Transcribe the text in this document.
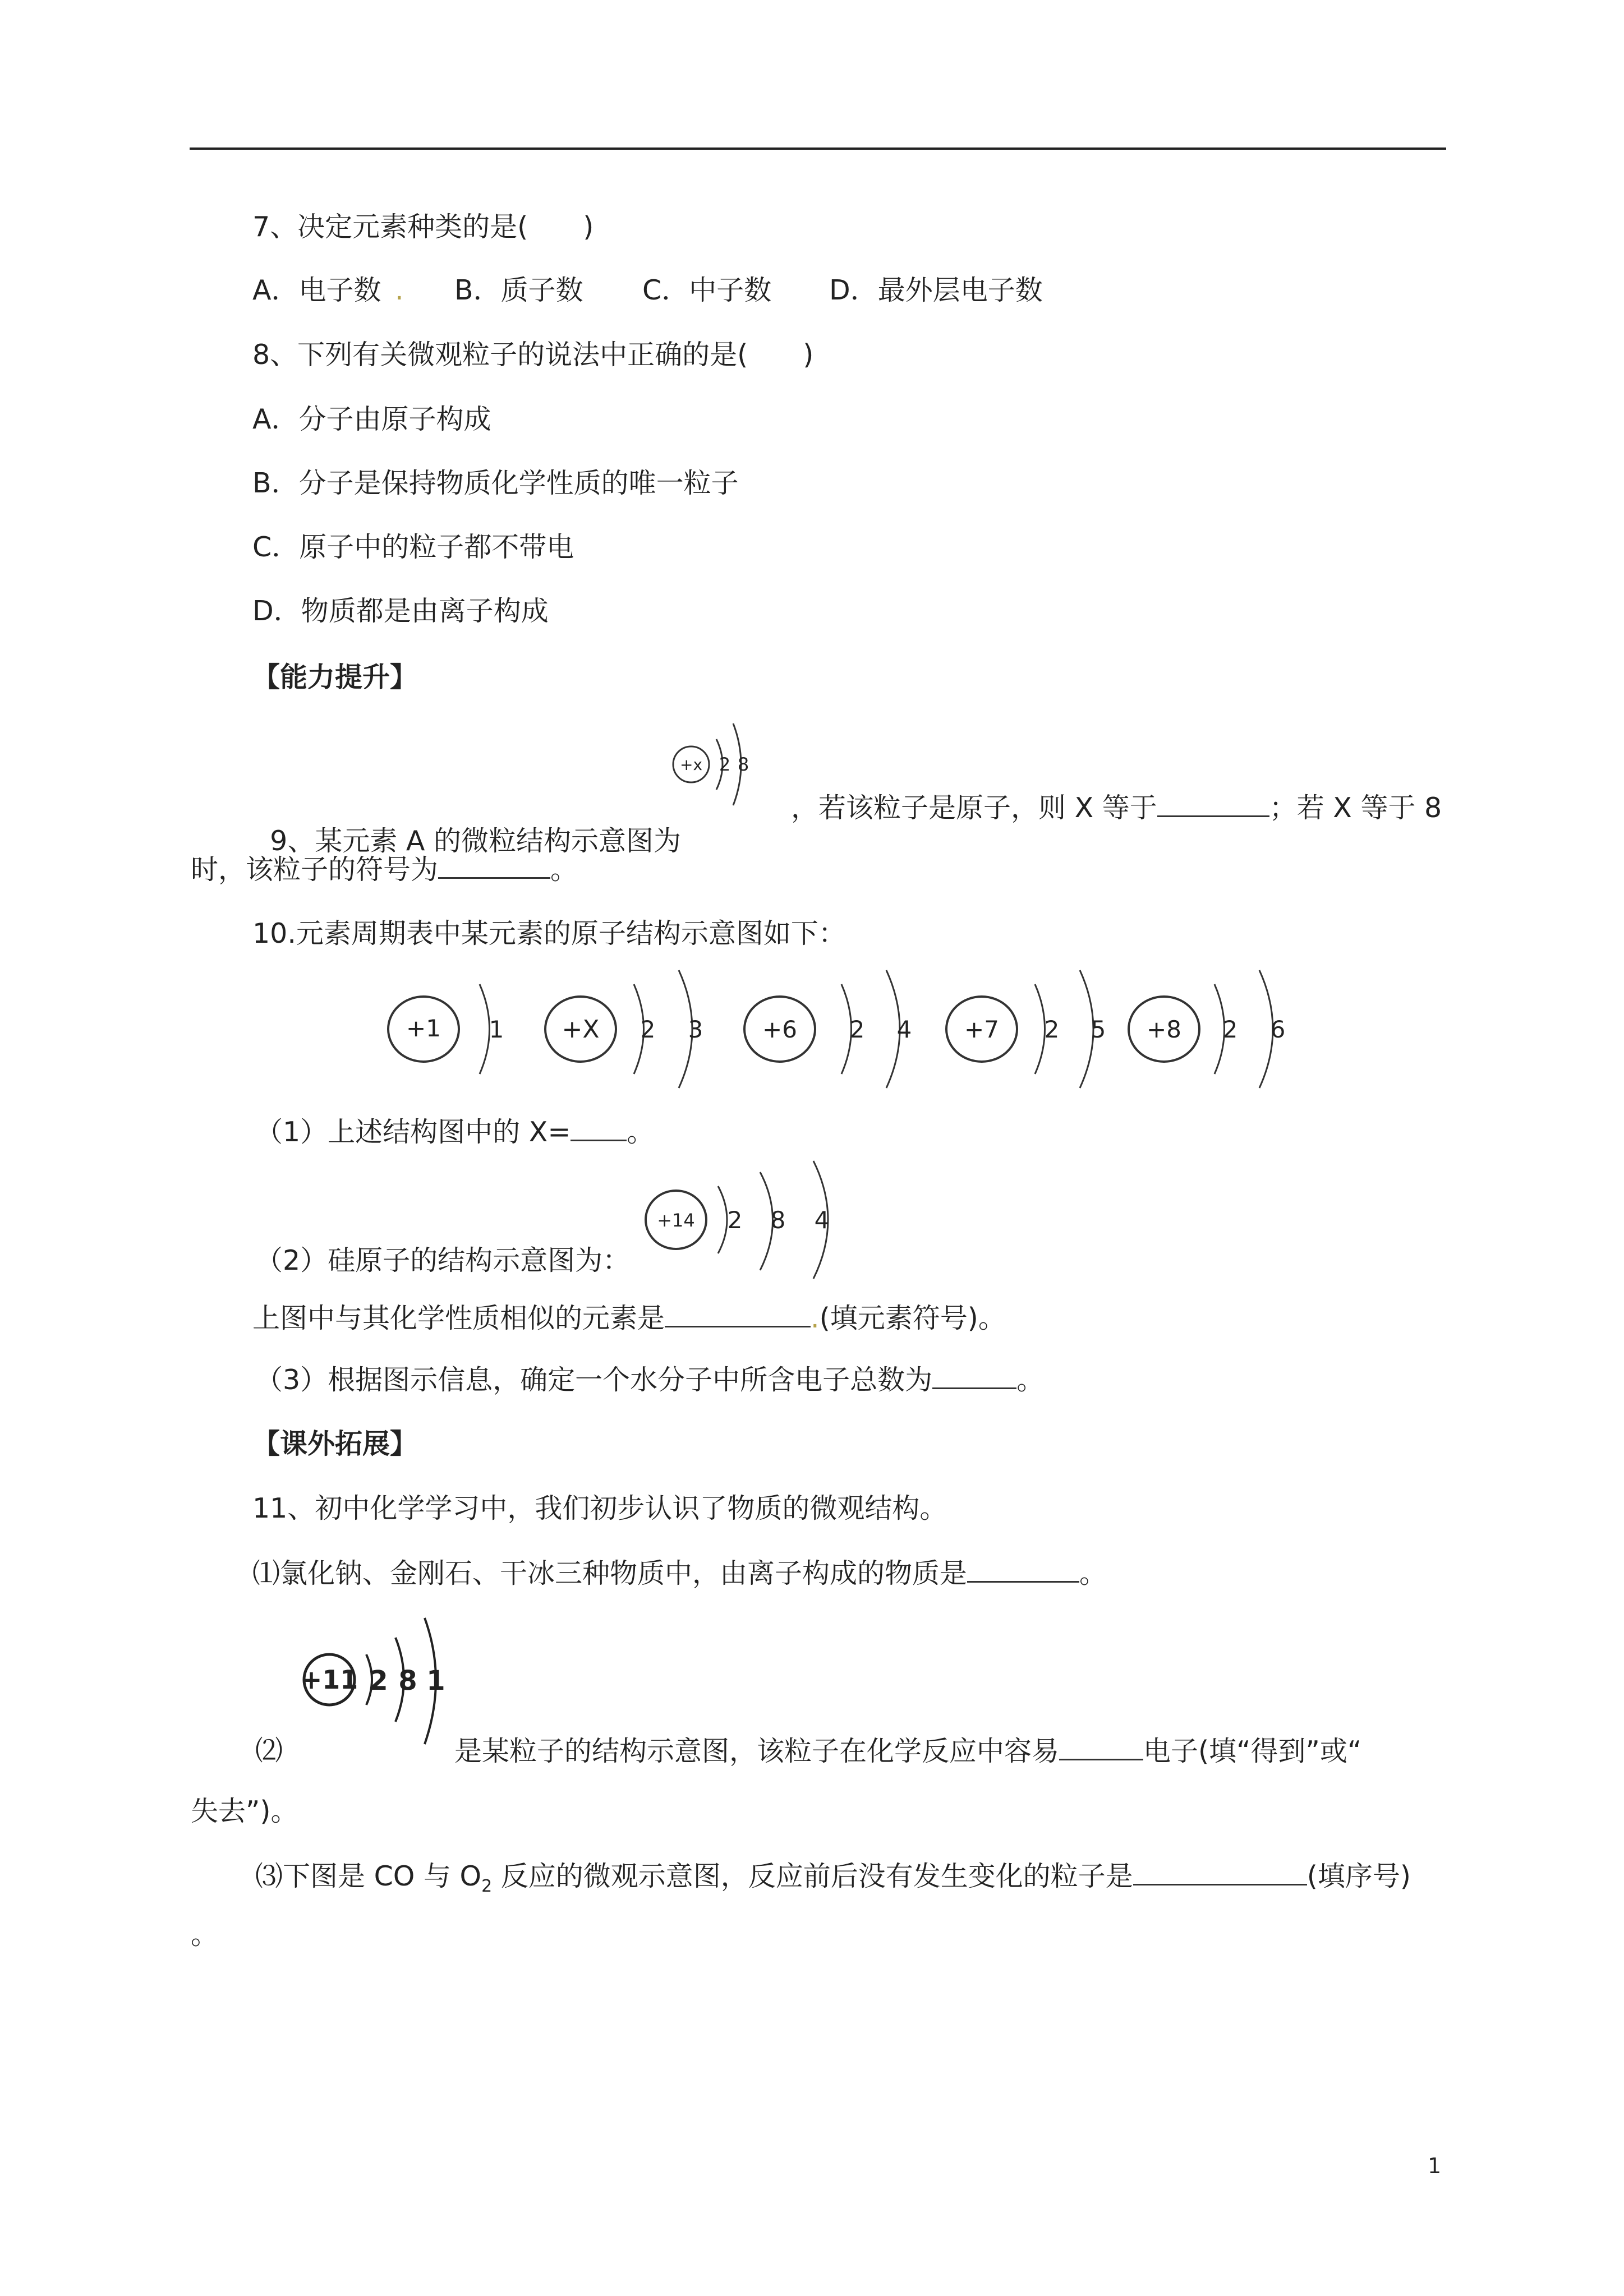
7、决定元素种类的是(　　)
A．电子数 . B．质子数 C．中子数 D．最外层电子数
8、下列有关微观粒子的说法中正确的是(　　)
A．分子由原子构成
B．分子是保持物质化学性质的唯一粒子
C．原子中的粒子都不带电
D．物质都是由离子构成
【能力提升】
+x 2 8

9、某元素 A 的微粒结构示意图为

，若该粒子是原子，则 X 等于	；若 X 等于 8
时，该粒子的符号为	。
10.元素周期表中某元素的原子结构示意图如下：
+1 1 +X 2 3	+6 2 4 +7 2 5 +8 2 6
（1）上述结构图中的 X= 。
+14 2 8 4
（2）硅原子的结构示意图为：
上图中与其化学性质相似的元素是	.(填元素符号)。
（3）根据图示信息，确定一个水分子中所含电子总数为	。
【课外拓展】
11、初中化学学习中，我们初步认识了物质的微观结构。
⑴氯化钠、金刚石、干冰三种物质中，由离子构成的物质是	。
+11 2 8 1
⑵	是某粒子的结构示意图，该粒子在化学反应中容易	电子(填“得到”或“
失去”)。
⑶下图是 CO 与 $O_2$ 反应的微观示意图，反应前后没有发生变化的粒子是	(填序号)
。
1
